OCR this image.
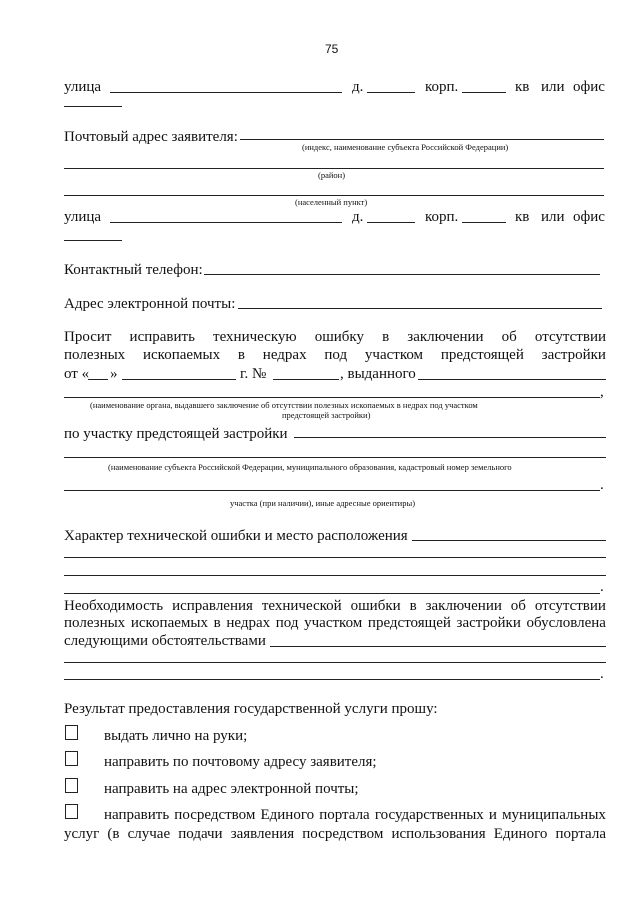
75
улица	д.	корп.	кв или офис
Почтовый адрес заявителя:
(индекс, наименование субъекта Российской Федерации)
(район)
(населенный пункт)
улица	д.	корп.	кв или офис
Контактный телефон:
Адрес электронной почты:
Просит исправить техническую ошибку в заключении об отсутствии
полезных ископаемых в недрах под участком предстоящей застройки
от « »	г. №	, выданного
,
(наименование органа, выдавшего заключение об отсутствии полезных ископаемых в недрах под участком
предстоящей застройки)
по участку предстоящей застройки
(наименование субъекта Российской Федерации, муниципального образования, кадастровый номер земельного
.
участка (при наличии), иные адресные ориентиры)
Характер технической ошибки и место расположения
.
Необходимость исправления технической ошибки в заключении об отсутствии
полезных ископаемых в недрах под участком предстоящей застройки обусловлена
следующими обстоятельствами
.
Результат предоставления государственной услуги прошу:
выдать лично на руки;
направить по почтовому адресу заявителя;
направить на адрес электронной почты;
направить посредством Единого портала государственных и муниципальных
услуг (в случае подачи заявления посредством использования Единого портала
